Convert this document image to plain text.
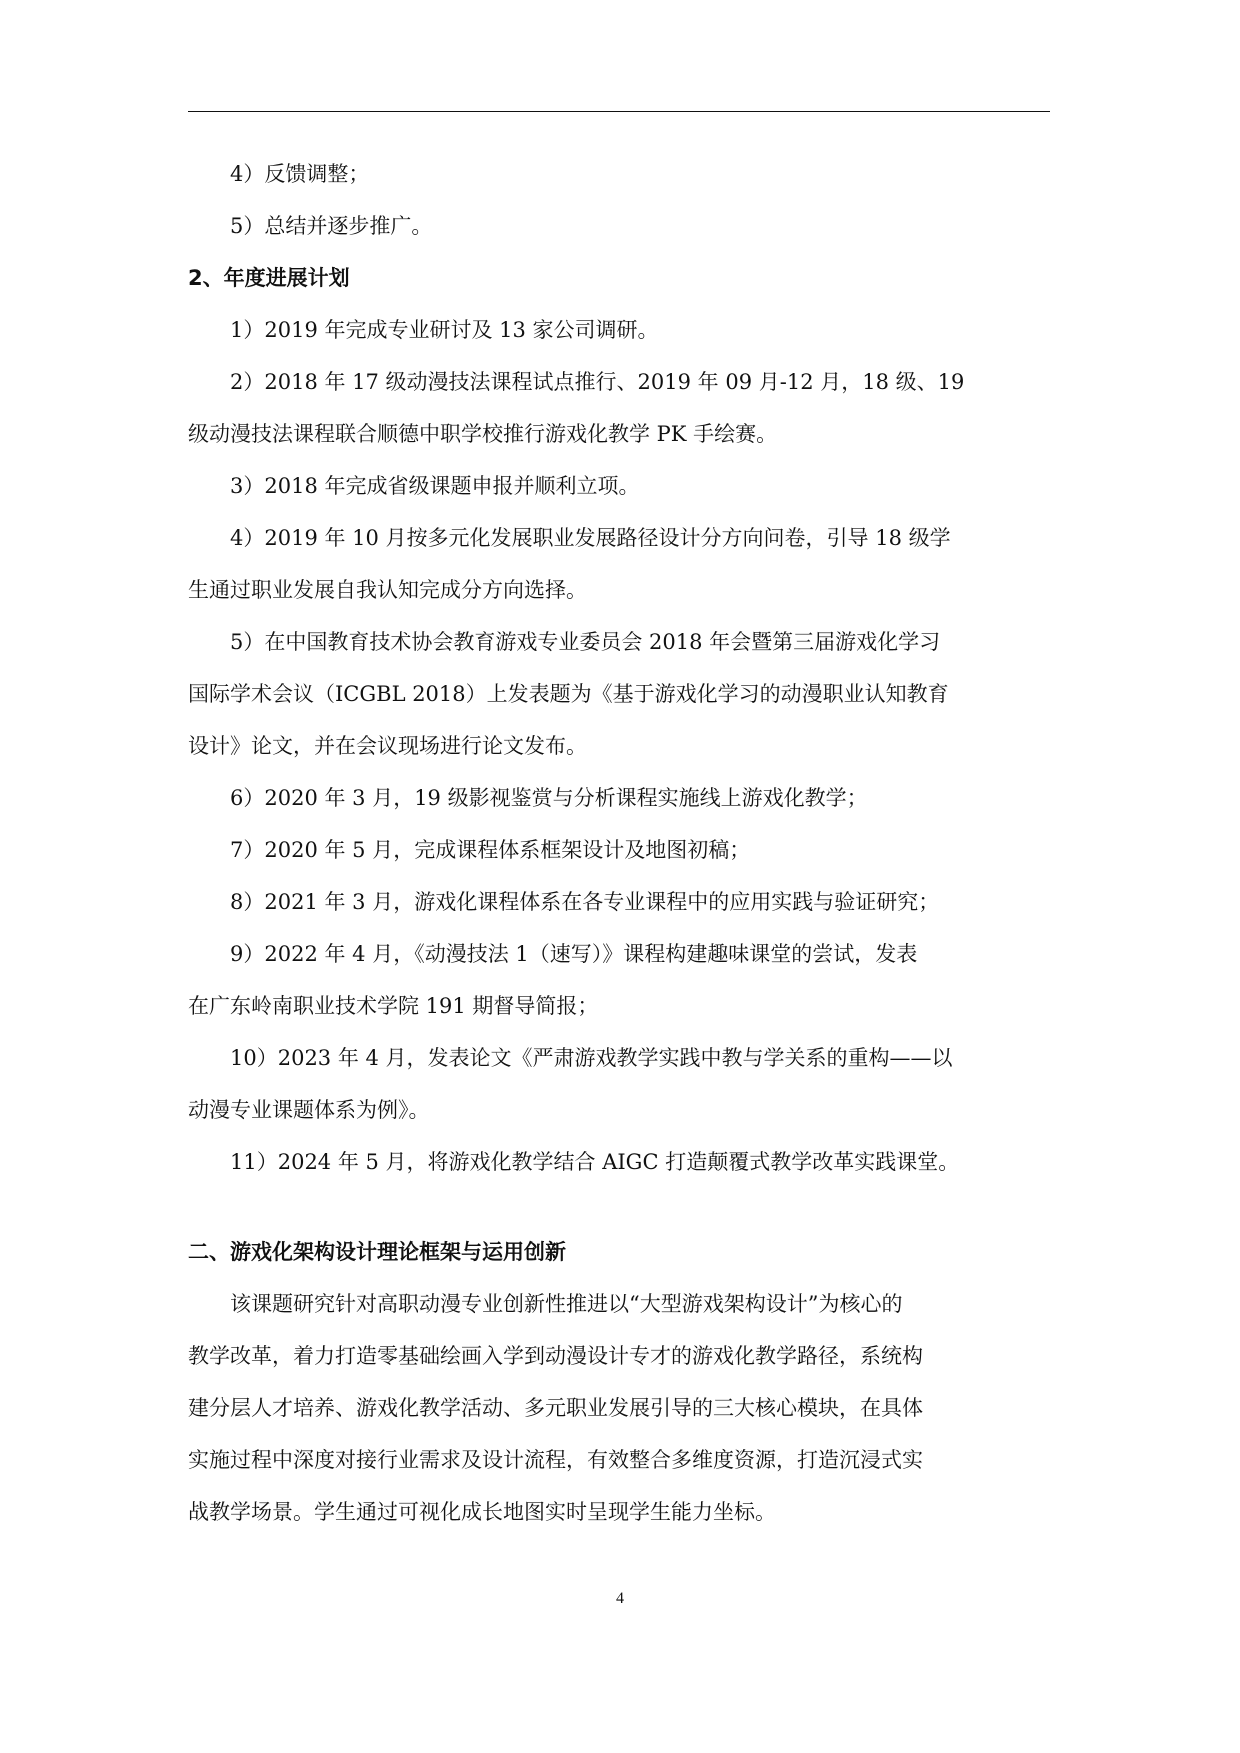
4）反馈调整；
5）总结并逐步推广。
2、年度进展计划
1）2019 年完成专业研讨及 13 家公司调研。
2）2018 年 17 级动漫技法课程试点推行、2019 年 09 月-12 月，18 级、19
级动漫技法课程联合顺德中职学校推行游戏化教学 PK 手绘赛。
3）2018 年完成省级课题申报并顺利立项。
4）2019 年 10 月按多元化发展职业发展路径设计分方向问卷，引导 18 级学
生通过职业发展自我认知完成分方向选择。
5）在中国教育技术协会教育游戏专业委员会 2018 年会暨第三届游戏化学习
国际学术会议（ICGBL 2018）上发表题为《基于游戏化学习的动漫职业认知教育
设计》论文，并在会议现场进行论文发布。
6）2020 年 3 月，19 级影视鉴赏与分析课程实施线上游戏化教学；
7）2020 年 5 月，完成课程体系框架设计及地图初稿；
8）2021 年 3 月，游戏化课程体系在各专业课程中的应用实践与验证研究；
9）2022 年 4 月，《动漫技法 1（速写）》课程构建趣味课堂的尝试，发表
在广东岭南职业技术学院 191 期督导简报；
10）2023 年 4 月，发表论文《严肃游戏教学实践中教与学关系的重构——以
动漫专业课题体系为例》。
11）2024 年 5 月，将游戏化教学结合 AIGC 打造颠覆式教学改革实践课堂。
二、游戏化架构设计理论框架与运用创新
该课题研究针对高职动漫专业创新性推进以“大型游戏架构设计”为核心的
教学改革，着力打造零基础绘画入学到动漫设计专才的游戏化教学路径，系统构
建分层人才培养、游戏化教学活动、多元职业发展引导的三大核心模块，在具体
实施过程中深度对接行业需求及设计流程，有效整合多维度资源，打造沉浸式实
战教学场景。学生通过可视化成长地图实时呈现学生能力坐标。
4
